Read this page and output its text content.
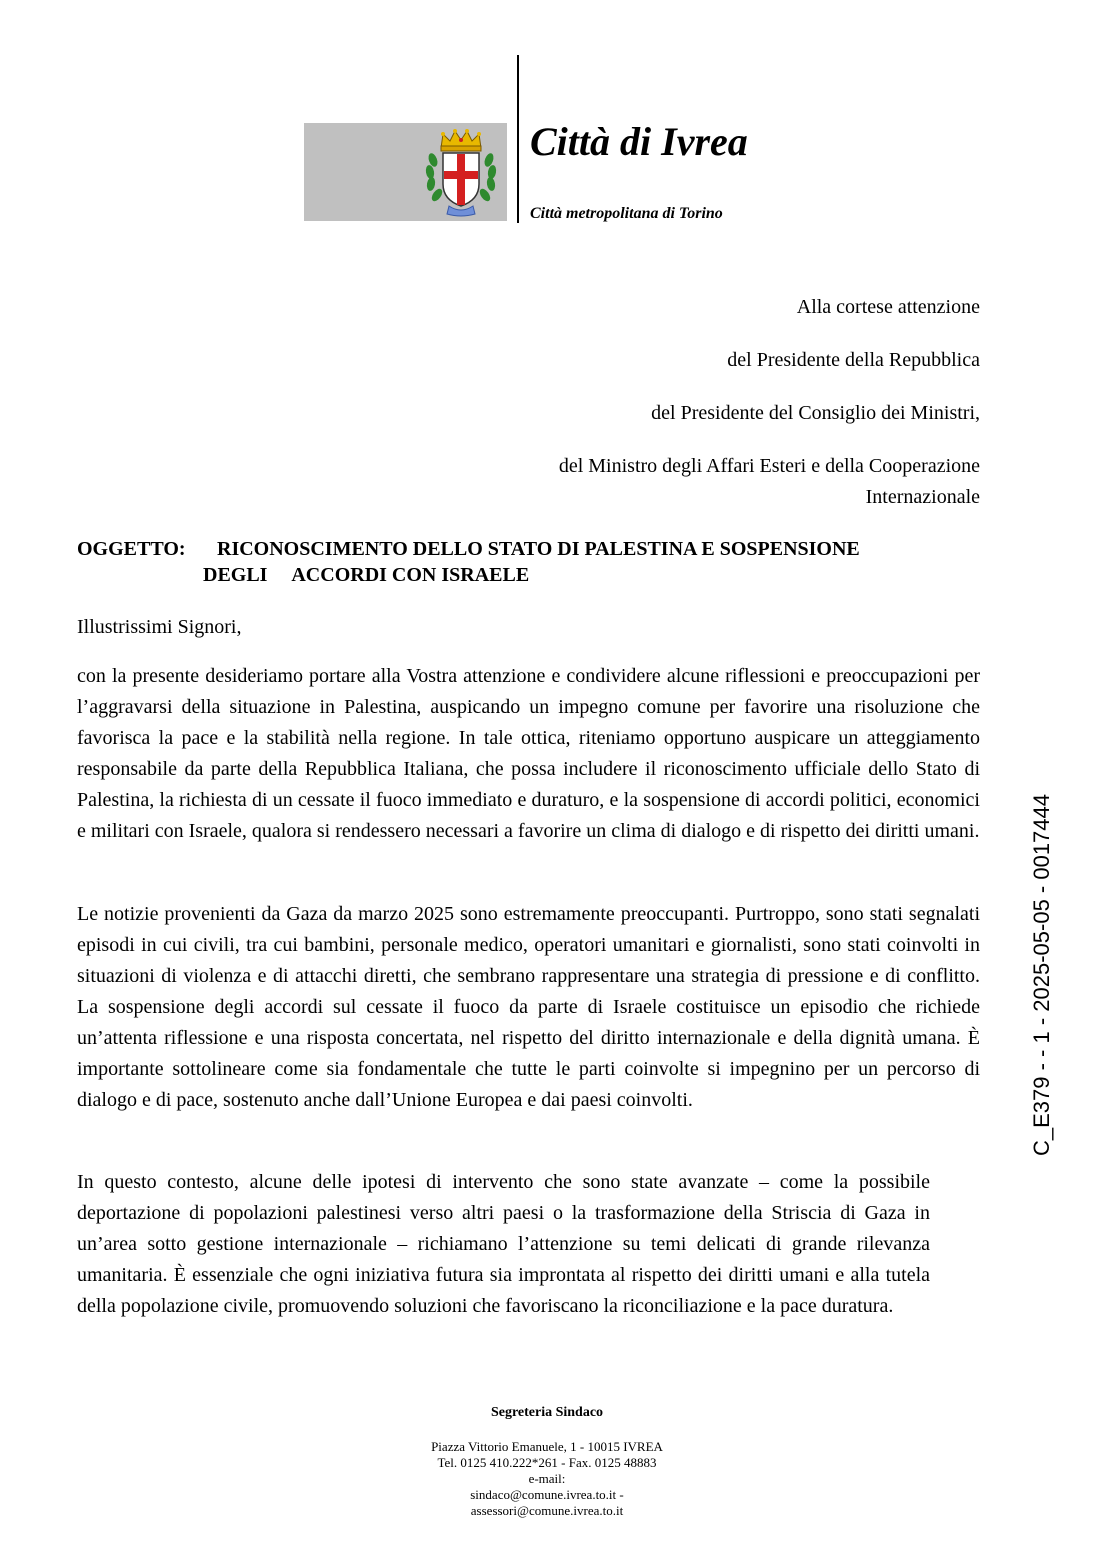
Città di Ivrea
Città metropolitana di Torino
Alla cortese attenzione
del Presidente della Repubblica
del Presidente del Consiglio dei Ministri,
del Ministro degli Affari Esteri e della Cooperazione
Internazionale
OGGETTO: RICONOSCIMENTO DELLO STATO DI PALESTINA E SOSPENSIONE
DEGLI     ACCORDI CON ISRAELE
Illustrissimi Signori,

con la presente desideriamo portare alla Vostra attenzione e condividere alcune riflessioni e preoccupazioni per l’aggravarsi della situazione in Palestina, auspicando un impegno comune per favorire una risoluzione che favorisca la pace e la stabilità nella regione. In tale ottica, riteniamo opportuno auspicare un atteggiamento responsabile da parte della Repubblica Italiana, che possa includere il riconoscimento ufficiale dello Stato di Palestina, la richiesta di un cessate il fuoco immediato e duraturo, e la sospensione di accordi politici, economici e militari con Israele, qualora si rendessero necessari a favorire un clima di dialogo e di rispetto dei diritti umani.

Le notizie provenienti da Gaza da marzo 2025 sono estremamente preoccupanti. Purtroppo, sono stati segnalati episodi in cui civili, tra cui bambini, personale medico, operatori umanitari e giornalisti, sono stati coinvolti in situazioni di violenza e di attacchi diretti, che sembrano rappresentare una strategia di pressione e di conflitto. La sospensione degli accordi sul cessate il fuoco da parte di Israele costituisce un episodio che richiede un’attenta riflessione e una risposta concertata, nel rispetto del diritto internazionale e della dignità umana. È importante sottolineare come sia fondamentale che tutte le parti coinvolte si impegnino per un percorso di dialogo e di pace, sostenuto anche dall’Unione Europea e dai paesi coinvolti.

In questo contesto, alcune delle ipotesi di intervento che sono state avanzate – come la possibile deportazione di popolazioni palestinesi verso altri paesi o la trasformazione della Striscia di Gaza in un’area sotto gestione internazionale – richiamano l’attenzione su temi delicati di grande rilevanza umanitaria. È essenziale che ogni iniziativa futura sia improntata al rispetto dei diritti umani e alla tutela della popolazione civile, promuovendo soluzioni che favoriscano la riconciliazione e la pace duratura.

C_E379 - - 1 - 2025-05-05 - 0017444
Segreteria Sindaco
Piazza Vittorio Emanuele, 1 - 10015 IVREA
Tel. 0125 410.222*261 - Fax. 0125 48883
e-mail:
sindaco@comune.ivrea.to.it -
assessori@comune.ivrea.to.it
